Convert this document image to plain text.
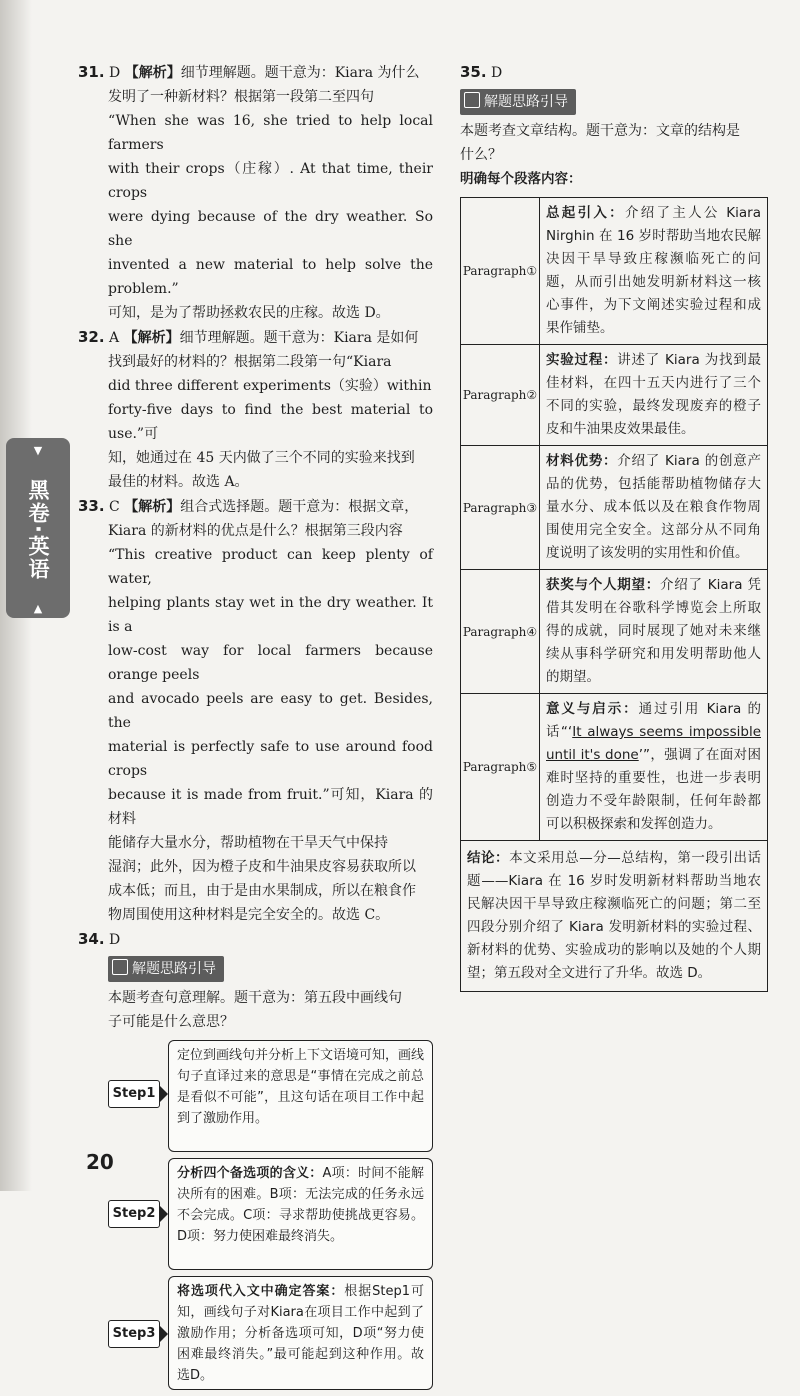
▼
黑卷·英语
▲
31. D 【解析】细节理解题。题干意为：Kiara 为什么
发明了一种新材料？根据第一段第二至四句
“When she was 16, she tried to help local farmers
with their crops（庄稼）. At that time, their crops
were dying because of the dry weather. So she
invented a new material to help solve the problem.”
可知，是为了帮助拯救农民的庄稼。故选 D。
32. A 【解析】细节理解题。题干意为：Kiara 是如何
找到最好的材料的？根据第二段第一句“Kiara
did three different experiments（实验）within
forty-five days to find the best material to use.”可
知，她通过在 45 天内做了三个不同的实验来找到
最佳的材料。故选 A。
33. C 【解析】组合式选择题。题干意为：根据文章，
Kiara 的新材料的优点是什么？根据第三段内容
“This creative product can keep plenty of water,
helping plants stay wet in the dry weather. It is a
low-cost way for local farmers because orange peels
and avocado peels are easy to get. Besides, the
material is perfectly safe to use around food crops
because it is made from fruit.”可知，Kiara 的材料
能储存大量水分，帮助植物在干旱天气中保持
湿润；此外，因为橙子皮和牛油果皮容易获取所以
成本低；而且，由于是由水果制成，所以在粮食作
物周围使用这种材料是完全安全的。故选 C。
34. D
解题思路引导
本题考查句意理解。题干意为：第五段中画线句
子可能是什么意思？
Step1
定位到画线句并分析上下文语境可知，画线句子直译过来的意思是“事情在完成之前总是看似不可能”，且这句话在项目工作中起到了激励作用。
Step2
分析四个备选项的含义：A项：时间不能解决所有的困难。B项：无法完成的任务永远不会完成。C项：寻求帮助使挑战更容易。D项：努力使困难最终消失。
Step3
将选项代入文中确定答案：根据Step1可知，画线句子对Kiara在项目工作中起到了激励作用；分析备选项可知，D项“努力使困难最终消失。”最可能起到这种作用。故选D。
35. D
解题思路引导
本题考查文章结构。题干意为：文章的结构是
什么？
明确每个段落内容：
Paragraph①	总起引入：介绍了主人公 Kiara Nirghin 在 16 岁时帮助当地农民解决因干旱导致庄稼濒临死亡的问题，从而引出她发明新材料这一核心事件，为下文阐述实验过程和成果作铺垫。
Paragraph②	实验过程：讲述了 Kiara 为找到最佳材料，在四十五天内进行了三个不同的实验，最终发现废弃的橙子皮和牛油果皮效果最佳。
Paragraph③	材料优势：介绍了 Kiara 的创意产品的优势，包括能帮助植物储存大量水分、成本低以及在粮食作物周围使用完全安全。这部分从不同角度说明了该发明的实用性和价值。
Paragraph④	获奖与个人期望：介绍了 Kiara 凭借其发明在谷歌科学博览会上所取得的成就，同时展现了她对未来继续从事科学研究和用发明帮助他人的期望。
Paragraph⑤	意义与启示：通过引用 Kiara 的话“‘It always seems impossible until it's done’”，强调了在面对困难时坚持的重要性，也进一步表明创造力不受年龄限制，任何年龄都可以积极探索和发挥创造力。
结论：本文采用总—分—总结构，第一段引出话题——Kiara 在 16 岁时发明新材料帮助当地农民解决因干旱导致庄稼濒临死亡的问题；第二至四段分别介绍了 Kiara 发明新材料的实验过程、新材料的优势、实验成功的影响以及她的个人期望；第五段对全文进行了升华。故选 D。	
20
